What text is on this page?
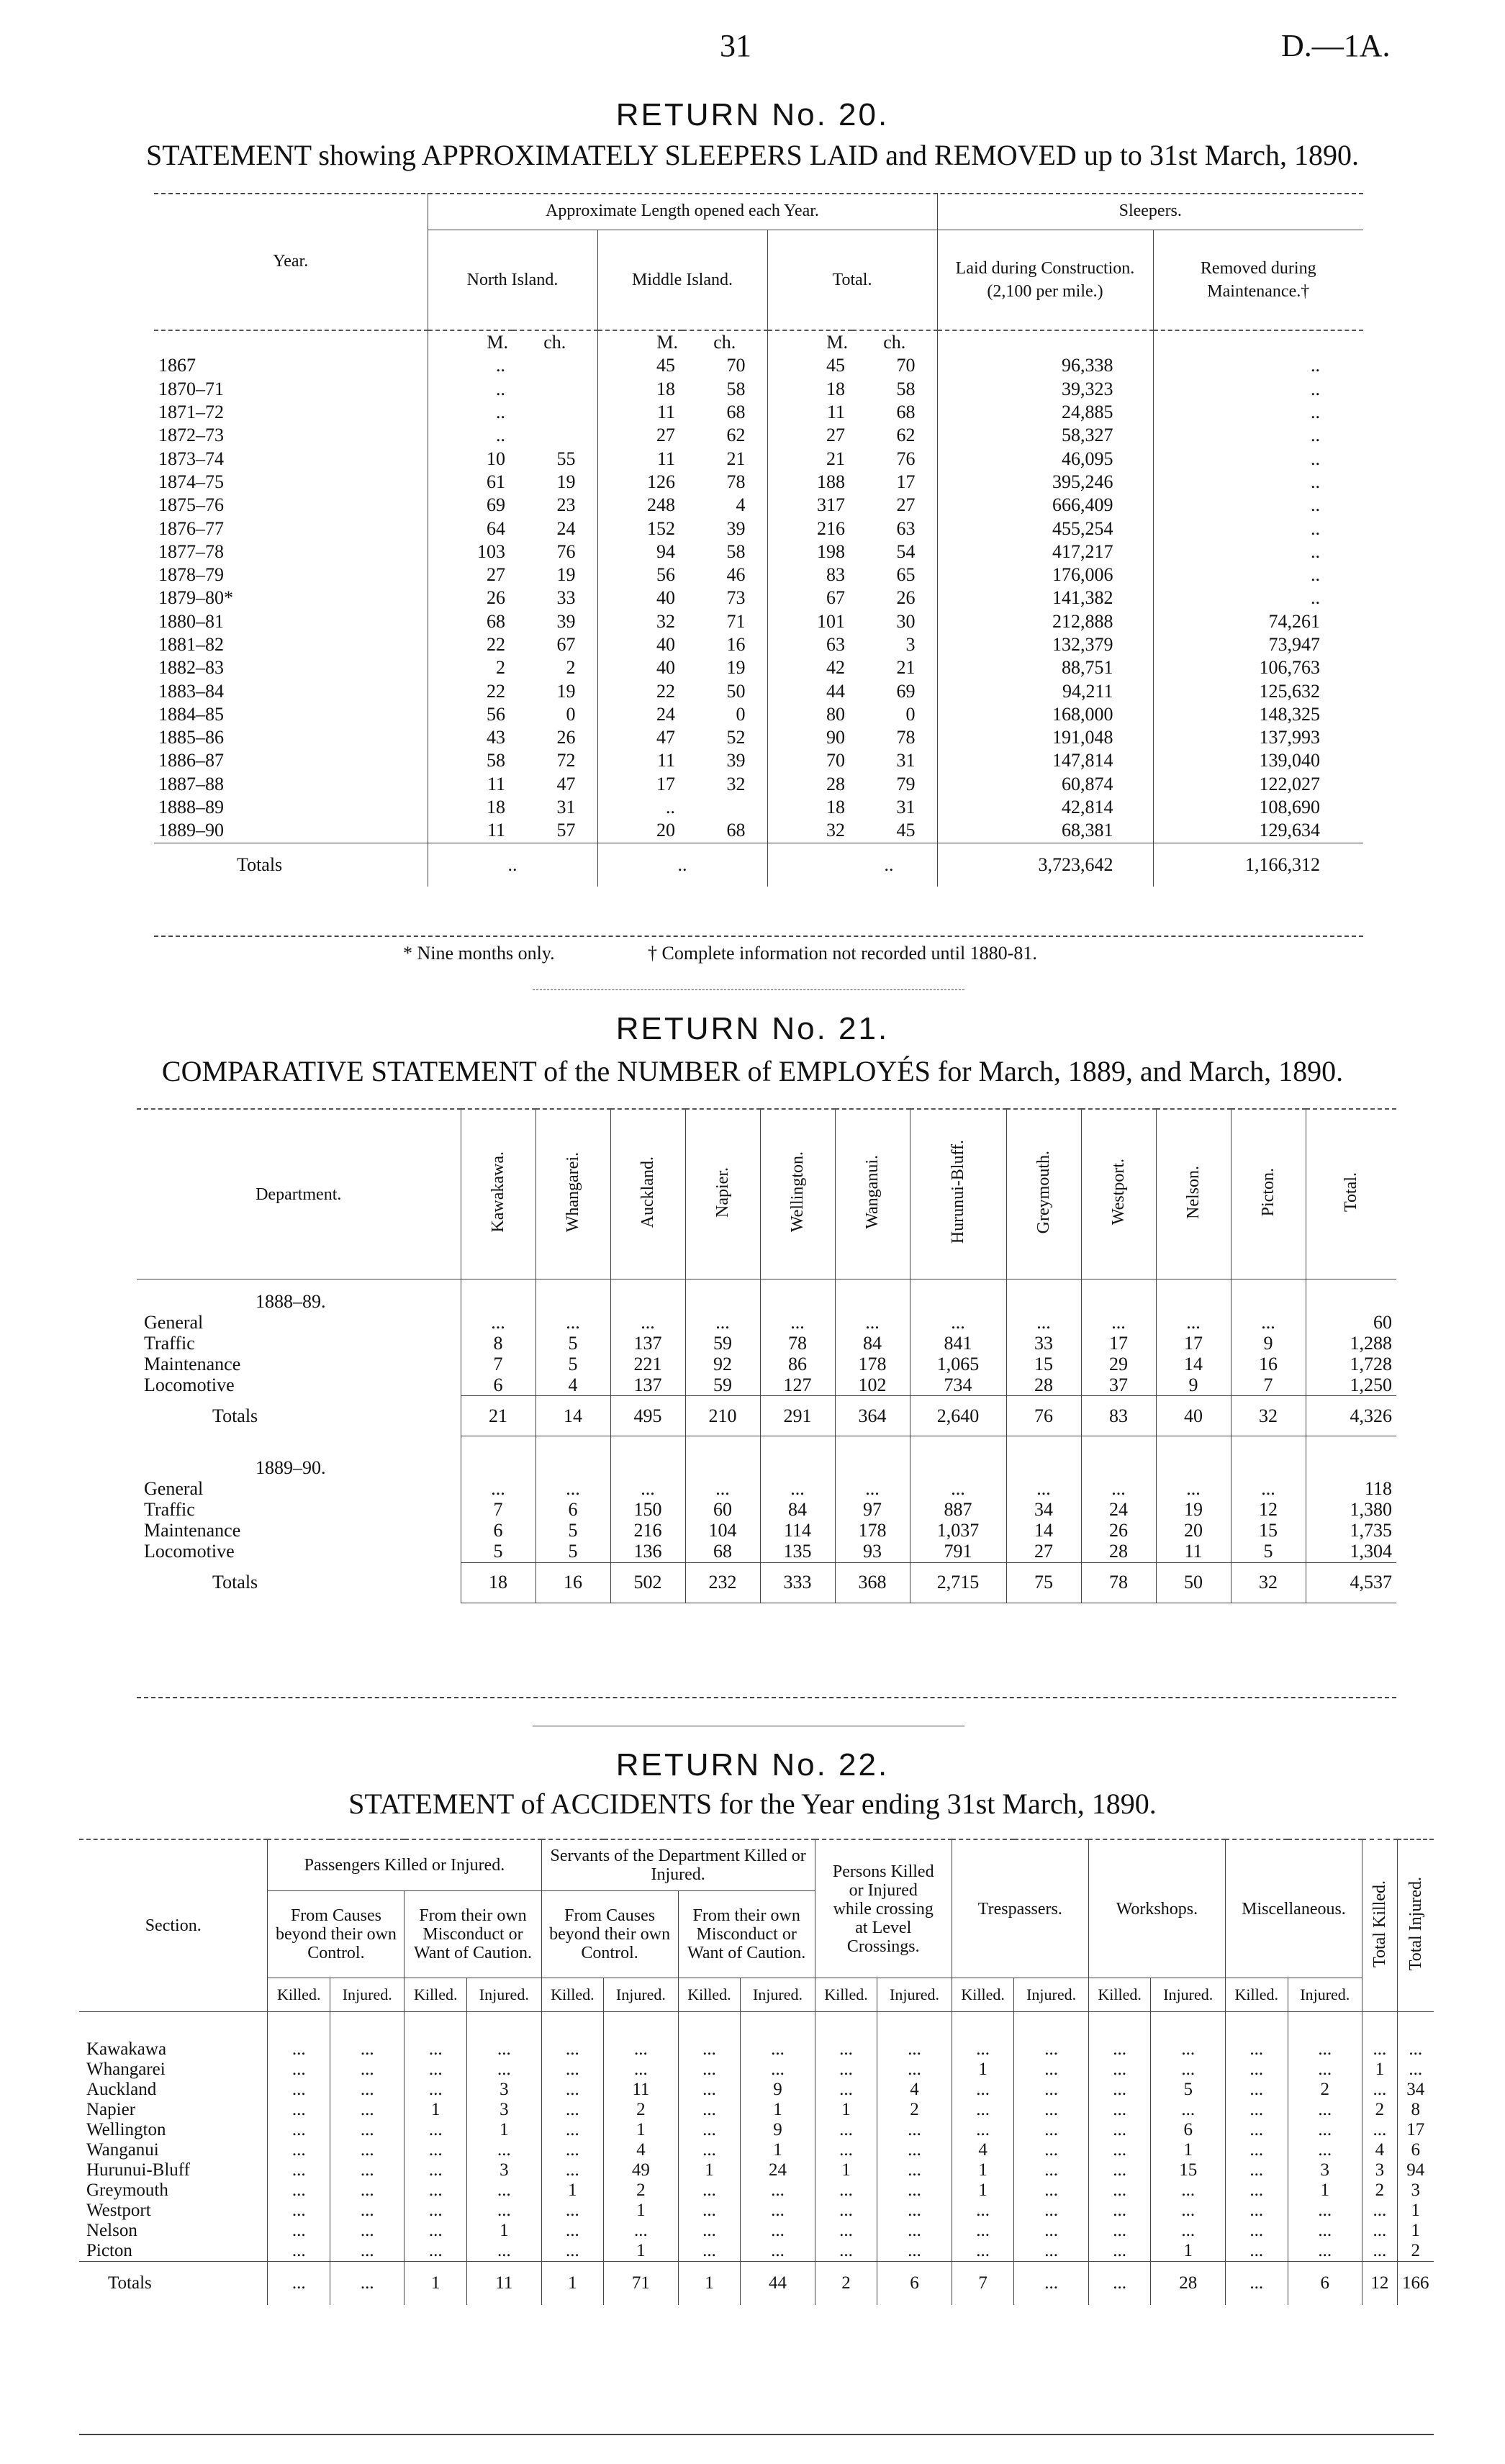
31	D.—1A.
RETURN No. 20.
STATEMENT showing APPROXIMATELY SLEEPERS LAID and REMOVED up to 31st March, 1890.
Year.	Approximate Length opened each Year.						Sleepers.	
	North Island.		Middle Island.		Total.		Laid during Construction. (2,100 per mile.)	Removed during Maintenance.†
	M.	ch.	M.	ch.	M.	ch.		
1867	..		45	70	45	70	96,338	..
1870–71	..		18	58	18	58	39,323	..
1871–72	..		11	68	11	68	24,885	..
1872–73	..		27	62	27	62	58,327	..
1873–74	10	55	11	21	21	76	46,095	..
1874–75	61	19	126	78	188	17	395,246	..
1875–76	69	23	248	4	317	27	666,409	..
1876–77	64	24	152	39	216	63	455,254	..
1877–78	103	76	94	58	198	54	417,217	..
1878–79	27	19	56	46	83	65	176,006	..
1879–80*	26	33	40	73	67	26	141,382	..
1880–81	68	39	32	71	101	30	212,888	74,261
1881–82	22	67	40	16	63	3	132,379	73,947
1882–83	2	2	40	19	42	21	88,751	106,763
1883–84	22	19	22	50	44	69	94,211	125,632
1884–85	56	0	24	0	80	0	168,000	148,325
1885–86	43	26	47	52	90	78	191,048	137,993
1886–87	58	72	11	39	70	31	147,814	139,040
1887–88	11	47	17	32	28	79	60,874	122,027
1888–89	18	31	..		18	31	42,814	108,690
1889–90	11	57	20	68	32	45	68,381	129,634
Totals	..		..		..		3,723,642	1,166,312
* Nine months only.	† Complete information not recorded until 1880-81.
RETURN No. 21.
COMPARATIVE STATEMENT of the NUMBER of EMPLOYÉS for March, 1889, and March, 1890.
Department.	Kawakawa.	Whangarei.	Auckland.	Napier.	Wellington.	Wanganui.	Hurunui-Bluff.	Greymouth.	Westport.	Nelson.	Picton.	Total.
1888–89.												
General	...	...	...	...	...	...	...	...	...	...	...	60
Traffic	8	5	137	59	78	84	841	33	17	17	9	1,288
Maintenance	7	5	221	92	86	178	1,065	15	29	14	16	1,728
Locomotive	6	4	137	59	127	102	734	28	37	9	7	1,250
Totals	21	14	495	210	291	364	2,640	76	83	40	32	4,326
1889–90.												
General	...	...	...	...	...	...	...	...	...	...	...	118
Traffic	7	6	150	60	84	97	887	34	24	19	12	1,380
Maintenance	6	5	216	104	114	178	1,037	14	26	20	15	1,735
Locomotive	5	5	136	68	135	93	791	27	28	11	5	1,304
Totals	18	16	502	232	333	368	2,715	75	78	50	32	4,537
RETURN No. 22.
STATEMENT of ACCIDENTS for the Year ending 31st March, 1890.
Section.	Passengers Killed or Injured.				Servants of the Department Killed or Injured.				Persons Killed or Injured while crossing at Level Crossings.		Trespassers.		Workshops.		Miscellaneous.		Total Killed.	Total Injured.
	From Causes beyond their own Control.		From their own Misconduct or Want of Caution.		From Causes beyond their own Control.		From their own Misconduct or Want of Caution.											
	Killed.	Injured.	Killed.	Injured.	Killed.	Injured.	Killed.	Injured.	Killed.	Injured.	Killed.	Injured.	Killed.	Injured.	Killed.	Injured.		

Kawakawa	...	...	...	...	...	...	...	...	...	...	...	...	...	...	...	...	...	...
Whangarei	...	...	...	...	...	...	...	...	...	...	1	...	...	...	...	...	1	...
Auckland	...	...	...	3	...	11	...	9	...	4	...	...	...	5	...	2	...	34
Napier	...	...	1	3	...	2	...	1	1	2	...	...	...	...	...	...	2	8
Wellington	...	...	...	1	...	1	...	9	...	...	...	...	...	6	...	...	...	17
Wanganui	...	...	...	...	...	4	...	1	...	...	4	...	...	1	...	...	4	6
Hurunui-Bluff	...	...	...	3	...	49	1	24	1	...	1	...	...	15	...	3	3	94
Greymouth	...	...	...	...	1	2	...	...	...	...	1	...	...	...	...	1	2	3
Westport	...	...	...	...	...	1	...	...	...	...	...	...	...	...	...	...	...	1
Nelson	...	...	...	1	...	...	...	...	...	...	...	...	...	...	...	...	...	1
Picton	...	...	...	...	...	1	...	...	...	...	...	...	...	1	...	...	...	2
Totals	...	...	1	11	1	71	1	44	2	6	7	...	...	28	...	6	12	166
